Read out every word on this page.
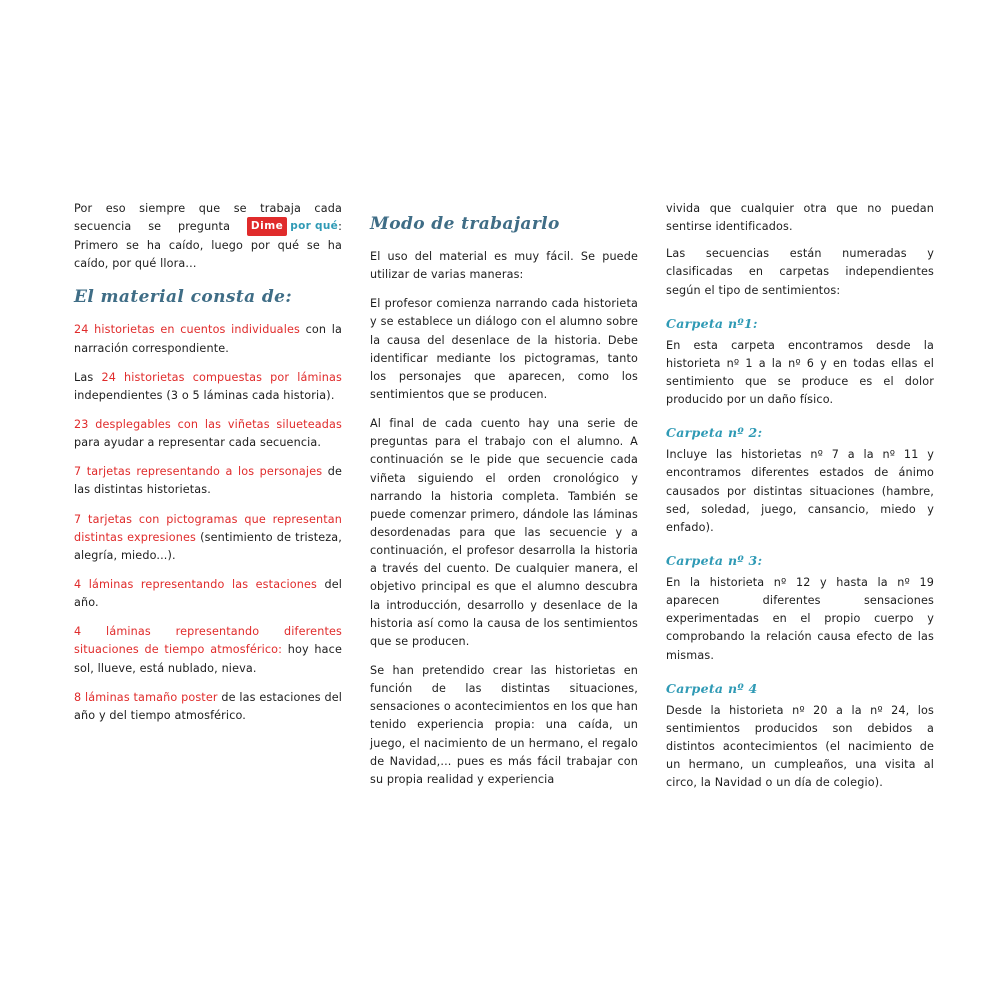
Por eso siempre que se trabaja cada secuencia se pregunta Dime por qué: Primero se ha caído, luego por qué se ha caído, por qué llora...

El material consta de:

24 historietas en cuentos individuales con la narración correspondiente.

Las 24 historietas compuestas por láminas independientes (3 o 5 láminas cada historia).

23 desplegables con las viñetas silueteadas para ayudar a representar cada secuencia.

7 tarjetas representando a los personajes de las distintas historietas.

7 tarjetas con pictogramas que representan distintas expresiones (sentimiento de tristeza, alegría, miedo...).

4 láminas representando las estaciones del año.

4 láminas representando diferentes situaciones de tiempo atmosférico: hoy hace sol, llueve, está nublado, nieva.

8 láminas tamaño poster de las estaciones del año y del tiempo atmosférico.

Modo de trabajarlo

El uso del material es muy fácil. Se puede utilizar de varias maneras:

El profesor comienza narrando cada historieta y se establece un diálogo con el alumno sobre la causa del desenlace de la historia. Debe identificar mediante los pictogramas, tanto los personajes que aparecen, como los sentimientos que se producen.

Al final de cada cuento hay una serie de preguntas para el trabajo con el alumno. A continuación se le pide que secuencie cada viñeta siguiendo el orden cronológico y narrando la historia completa. También se puede comenzar primero, dándole las láminas desordenadas para que las secuencie y a continuación, el profesor desarrolla la historia a través del cuento. De cualquier manera, el objetivo principal es que el alumno descubra la introducción, desarrollo y desenlace de la historia así como la causa de los sentimientos que se producen.

Se han pretendido crear las historietas en función de las distintas situaciones, sensaciones o acontecimientos en los que han tenido experiencia propia: una caída, un juego, el nacimiento de un hermano, el regalo de Navidad,... pues es más fácil trabajar con su propia realidad y experiencia

vivida que cualquier otra que no puedan sentirse identificados.

Las secuencias están numeradas y clasificadas en carpetas independientes según el tipo de sentimientos:

Carpeta nº1:

En esta carpeta encontramos desde la historieta nº 1 a la nº 6 y en todas ellas el sentimiento que se produce es el dolor producido por un daño físico.

Carpeta nº 2:

Incluye las historietas nº 7 a la nº 11 y encontramos diferentes estados de ánimo causados por distintas situaciones (hambre, sed, soledad, juego, cansancio, miedo y enfado).

Carpeta nº 3:

En la historieta nº 12 y hasta la nº 19 aparecen diferentes sensaciones experimentadas en el propio cuerpo y comprobando la relación causa efecto de las mismas.

Carpeta nº 4

Desde la historieta nº 20 a la nº 24, los sentimientos producidos son debidos a distintos acontecimientos (el nacimiento de un hermano, un cumpleaños, una visita al circo, la Navidad o un día de colegio).
